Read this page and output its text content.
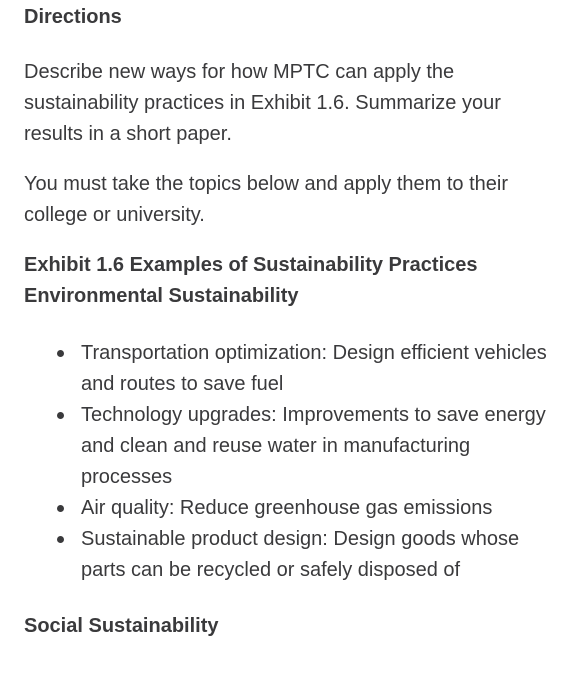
Directions
Describe new ways for how MPTC can apply the sustainability practices in Exhibit 1.6. Summarize your results in a short paper.
You must take the topics below and apply them to their college or university.
Exhibit 1.6 Examples of Sustainability Practices
Environmental Sustainability
Transportation optimization: Design efficient vehicles and routes to save fuel
Technology upgrades: Improvements to save energy and clean and reuse water in manufacturing processes
Air quality: Reduce greenhouse gas emissions
Sustainable product design: Design goods whose parts can be recycled or safely disposed of
Social Sustainability
